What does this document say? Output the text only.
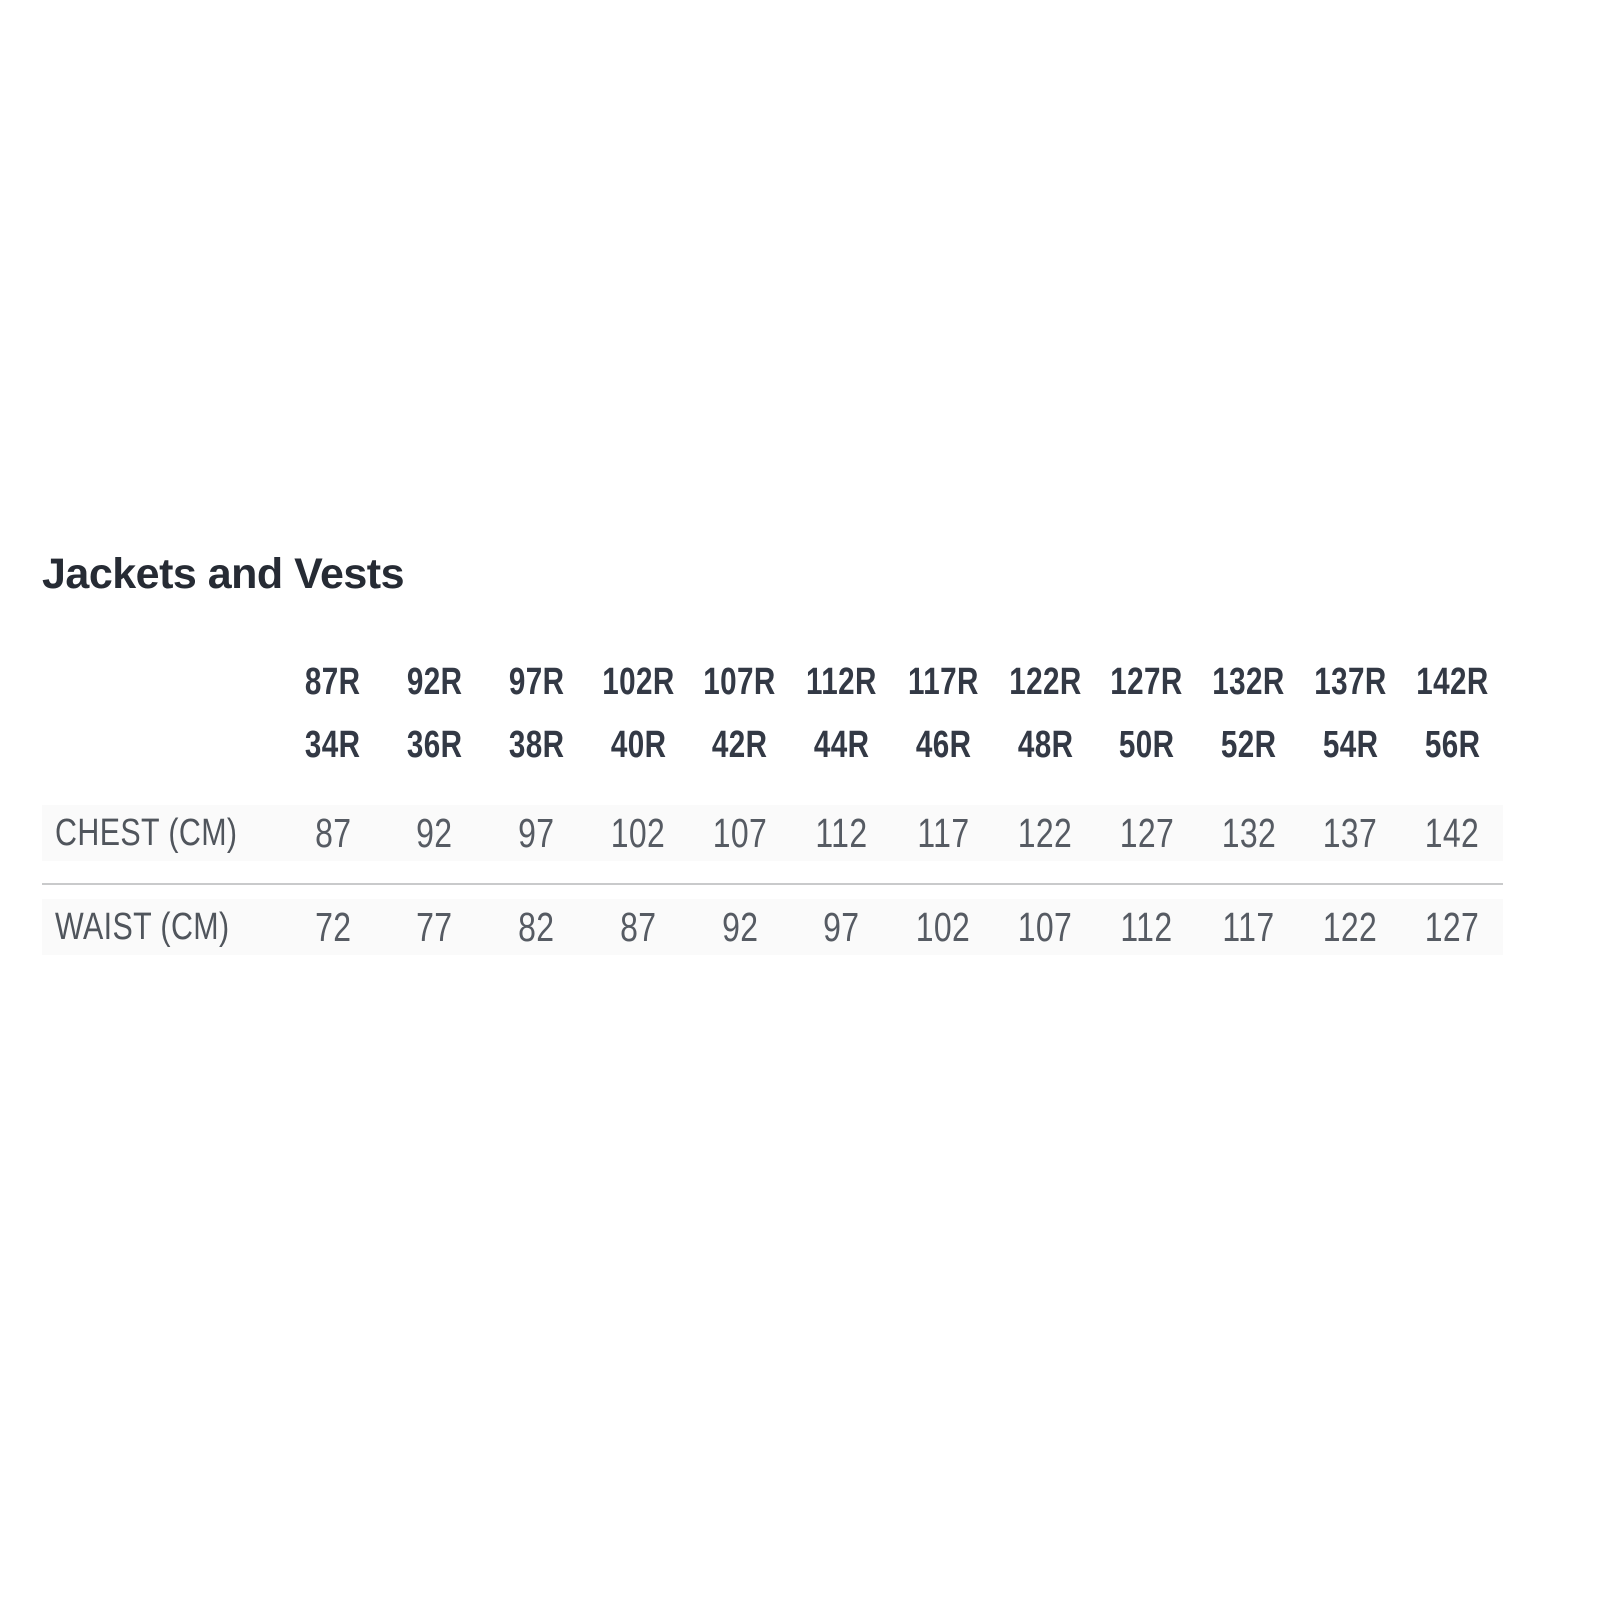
Jackets and Vests
87R	92R	97R 102R 107R 112R 117R 122R 127R 132R 137R 142R
34R	36R	38R	40R	42R	44R	46R	48R	50R	52R	54R	56R
CHEST (CM)	87	92	97	102	107	112	117	122	127	132	137	142
WAIST (CM)	72	77	82	87	92	97	102	107	112	117	122	127
